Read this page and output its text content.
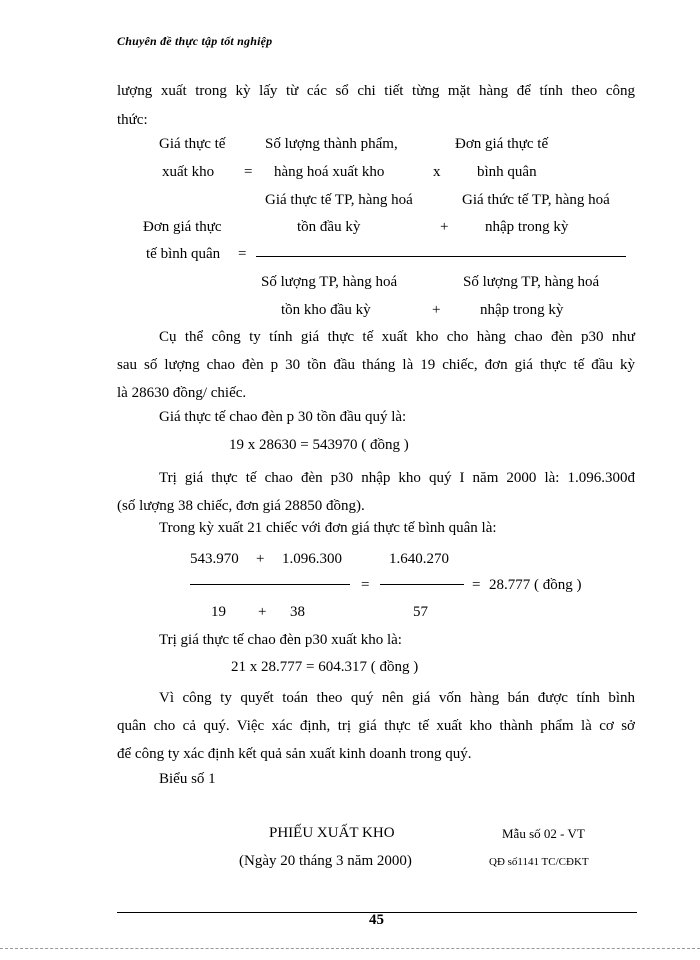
Chuyên đề thực tập tốt nghiệp
lượng xuất trong kỳ lấy từ các sổ chi tiết từng mặt hàng để tính theo công
thức:
Giá thực tế
xuất kho =
Số lượng thành phẩm,
hàng hoá xuất kho	x
Đơn giá thực tế
bình quân
Giá thực tế TP, hàng hoá
tồn đầu kỳ	+
Giá thức tế TP, hàng hoá
nhập trong kỳ
Đơn giá thực
tế bình quân =
Số lượng TP, hàng hoá
tồn kho đầu kỳ	+
Số lượng TP, hàng hoá
nhập trong kỳ
Cụ thể công ty tính giá thực tế xuất kho cho hàng chao đèn p30 như
sau số lượng chao đèn p 30 tồn đầu tháng là 19 chiếc, đơn giá thực tế đầu kỳ
là 28630 đồng/ chiếc.
Giá thực tế chao đèn p 30 tồn đầu quý là:
19 x 28630 = 543970 ( đồng )
Trị giá thực tế chao đèn p30 nhập kho quý I năm 2000 là: 1.096.300đ
(số lượng 38 chiếc, đơn giá 28850 đồng).
Trong kỳ xuất 21 chiếc với đơn giá thực tế bình quân là:
543.970 + 1.096.300	1.640.270
=	= 28.777 ( đồng )
19 + 38	57
Trị giá thực tế chao đèn p30 xuất kho là:
21 x 28.777 = 604.317 ( đồng )
Vì công ty quyết toán theo quý nên giá vốn hàng bán được tính bình
quân cho cả quý. Việc xác định, trị giá thực tế xuất kho thành phẩm là cơ sở
để công ty xác định kết quả sản xuất kinh doanh trong quý.
Biểu số 1
PHIẾU XUẤT KHO
(Ngày 20 tháng 3 năm 2000)
Mẫu số 02 - VT
QĐ số1141 TC/CĐKT
45
